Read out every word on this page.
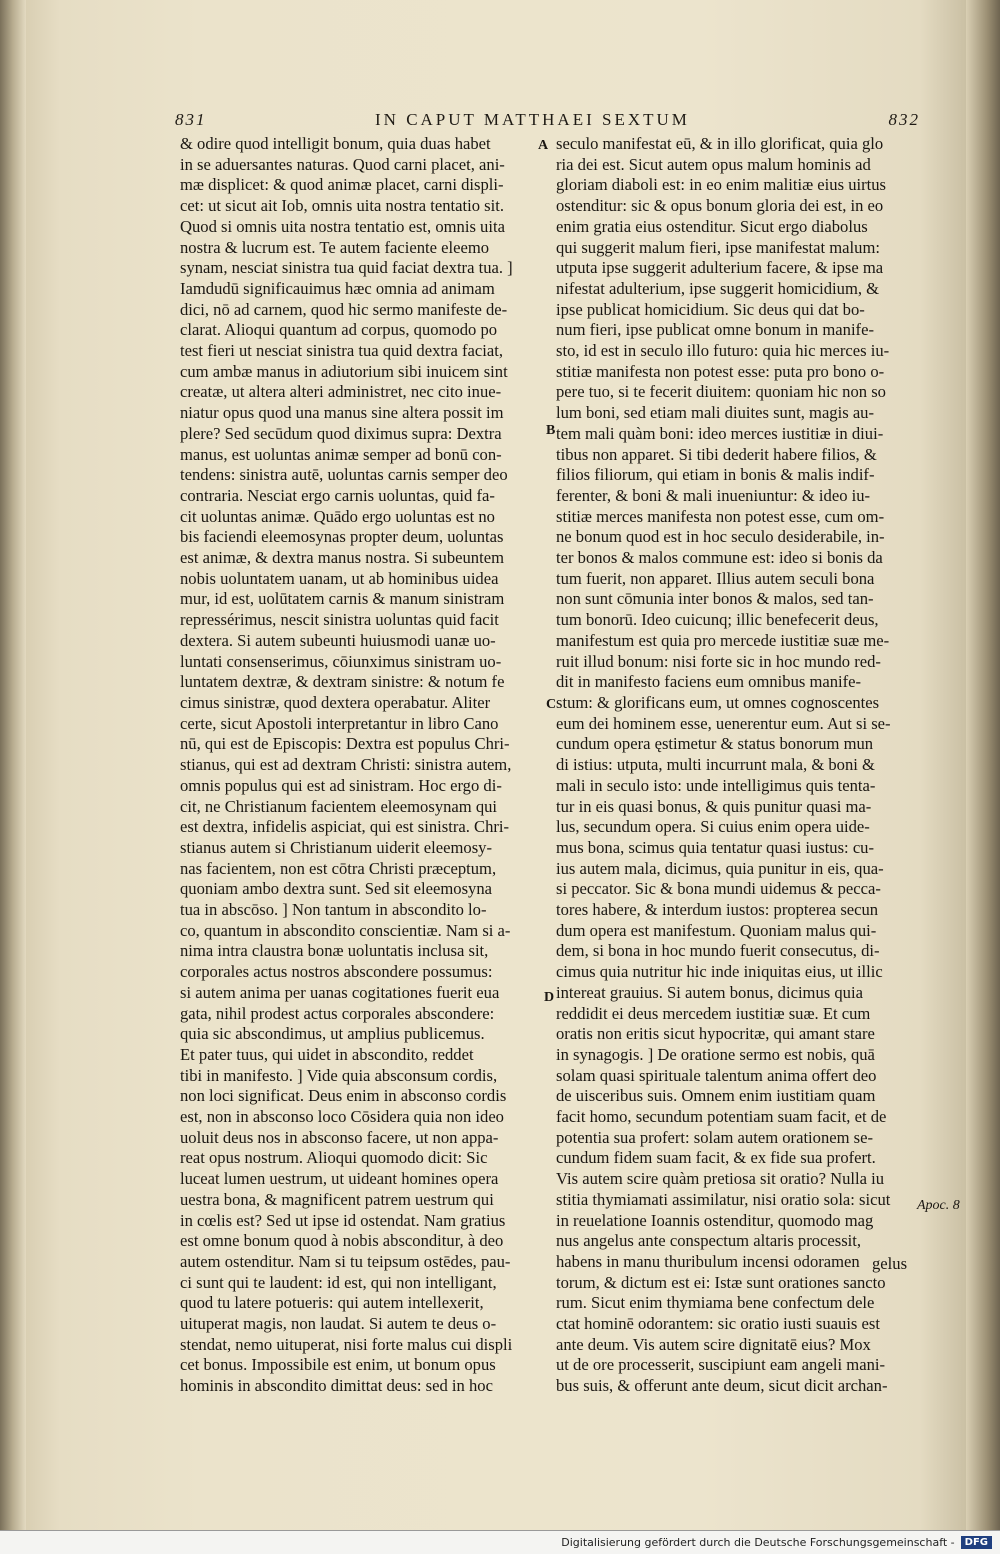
831	IN CAPUT MATTHAEI SEXTUM	832
& odire quod intelligit bonum, quia duas habet
in se aduersantes naturas. Quod carni placet, ani-
mæ displicet: & quod animæ placet, carni displi-
cet: ut sicut ait Iob, omnis uita nostra tentatio sit.
Quod si omnis uita nostra tentatio est, omnis uita
nostra & lucrum est. Te autem faciente eleemo
synam, nesciat sinistra tua quid faciat dextra tua. ]
Iamdudū significauimus hæc omnia ad animam
dici, nō ad carnem, quod hic sermo manifeste de-
clarat. Alioqui quantum ad corpus, quomodo po
test fieri ut nesciat sinistra tua quid dextra faciat,
cum ambæ manus in adiutorium sibi inuicem sint
creatæ, ut altera alteri administret, nec cito inue-
niatur opus quod una manus sine altera possit im
plere? Sed secūdum quod diximus supra: Dextra
manus, est uoluntas animæ semper ad bonū con-
tendens: sinistra autē, uoluntas carnis semper deo
contraria. Nesciat ergo carnis uoluntas, quid fa-
cit uoluntas animæ. Quādo ergo uoluntas est no
bis faciendi eleemosynas propter deum, uoluntas
est animæ, & dextra manus nostra. Si subeuntem
nobis uoluntatem uanam, ut ab hominibus uidea
mur, id est, uolūtatem carnis & manum sinistram
repressérimus, nescit sinistra uoluntas quid facit
dextera. Si autem subeunti huiusmodi uanæ uo-
luntati consenserimus, cōiunximus sinistram uo-
luntatem dextræ, & dextram sinistre: & notum fe
cimus sinistræ, quod dextera operabatur. Aliter
certe, sicut Apostoli interpretantur in libro Cano
nū, qui est de Episcopis: Dextra est populus Chri-
stianus, qui est ad dextram Christi: sinistra autem,
omnis populus qui est ad sinistram. Hoc ergo di-
cit, ne Christianum facientem eleemosynam qui
est dextra, infidelis aspiciat, qui est sinistra. Chri-
stianus autem si Christianum uiderit eleemosy-
nas facientem, non est cōtra Christi præceptum,
quoniam ambo dextra sunt. Sed sit eleemosyna
tua in abscōso. ] Non tantum in abscondito lo-
co, quantum in abscondito conscientiæ. Nam si a-
nima intra claustra bonæ uoluntatis inclusa sit,
corporales actus nostros abscondere possumus:
si autem anima per uanas cogitationes fuerit eua
gata, nihil prodest actus corporales abscondere:
quia sic abscondimus, ut amplius publicemus.
Et pater tuus, qui uidet in abscondito, reddet
tibi in manifesto. ] Vide quia absconsum cordis,
non loci significat. Deus enim in absconso cordis
est, non in absconso loco Cōsidera quia non ideo
uoluit deus nos in absconso facere, ut non appa-
reat opus nostrum. Alioqui quomodo dicit: Sic
luceat lumen uestrum, ut uideant homines opera
uestra bona, & magnificent patrem uestrum qui
in cœlis est? Sed ut ipse id ostendat. Nam gratius
est omne bonum quod à nobis absconditur, à deo
autem ostenditur. Nam si tu teipsum ostēdes, pau-
ci sunt qui te laudent: id est, qui non intelligant,
quod tu latere potueris: qui autem intellexerit,
uituperat magis, non laudat. Si autem te deus o-
stendat, nemo uituperat, nisi forte malus cui displi
cet bonus. Impossibile est enim, ut bonum opus
hominis in abscondito dimittat deus: sed in hoc
seculo manifestat eū, & in illo glorificat, quia glo
ria dei est. Sicut autem opus malum hominis ad
gloriam diaboli est: in eo enim malitiæ eius uirtus
ostenditur: sic & opus bonum gloria dei est, in eo
enim gratia eius ostenditur. Sicut ergo diabolus
qui suggerit malum fieri, ipse manifestat malum:
utputa ipse suggerit adulterium facere, & ipse ma
nifestat adulterium, ipse suggerit homicidium, &
ipse publicat homicidium. Sic deus qui dat bo-
num fieri, ipse publicat omne bonum in manife-
sto, id est in seculo illo futuro: quia hic merces iu-
stitiæ manifesta non potest esse: puta pro bono o-
pere tuo, si te fecerit diuitem: quoniam hic non so
lum boni, sed etiam mali diuites sunt, magis au-
tem mali quàm boni: ideo merces iustitiæ in diui-
tibus non apparet. Si tibi dederit habere filios, &
filios filiorum, qui etiam in bonis & malis indif-
ferenter, & boni & mali inueniuntur: & ideo iu-
stitiæ merces manifesta non potest esse, cum om-
ne bonum quod est in hoc seculo desiderabile, in-
ter bonos & malos commune est: ideo si bonis da
tum fuerit, non apparet. Illius autem seculi bona
non sunt cōmunia inter bonos & malos, sed tan-
tum bonorū. Ideo cuicunq; illic benefecerit deus,
manifestum est quia pro mercede iustitiæ suæ me-
ruit illud bonum: nisi forte sic in hoc mundo red-
dit in manifesto faciens eum omnibus manife-
stum: & glorificans eum, ut omnes cognoscentes
eum dei hominem esse, uenerentur eum. Aut si se-
cundum opera ęstimetur & status bonorum mun
di istius: utputa, multi incurrunt mala, & boni &
mali in seculo isto: unde intelligimus quis tenta-
tur in eis quasi bonus, & quis punitur quasi ma-
lus, secundum opera. Si cuius enim opera uide-
mus bona, scimus quia tentatur quasi iustus: cu-
ius autem mala, dicimus, quia punitur in eis, qua-
si peccator. Sic & bona mundi uidemus & pecca-
tores habere, & interdum iustos: propterea secun
dum opera est manifestum. Quoniam malus qui-
dem, si bona in hoc mundo fuerit consecutus, di-
cimus quia nutritur hic inde iniquitas eius, ut illic
intereat grauius. Si autem bonus, dicimus quia
reddidit ei deus mercedem iustitiæ suæ. Et cum
oratis non eritis sicut hypocritæ, qui amant stare
in synagogis. ] De oratione sermo est nobis, quā
solam quasi spirituale talentum anima offert deo
de uisceribus suis. Omnem enim iustitiam quam
facit homo, secundum potentiam suam facit, et de
potentia sua profert: solam autem orationem se-
cundum fidem suam facit, & ex fide sua profert.
Vis autem scire quàm pretiosa sit oratio? Nulla iu
stitia thymiamati assimilatur, nisi oratio sola: sicut
in reuelatione Ioannis ostenditur, quomodo mag
nus angelus ante conspectum altaris processit,
habens in manu thuribulum incensi odoramen
torum, & dictum est ei: Istæ sunt orationes sancto
rum. Sicut enim thymiama bene confectum dele
ctat hominē odorantem: sic oratio iusti suauis est
ante deum. Vis autem scire dignitatē eius? Mox
ut de ore processerit, suscipiunt eam angeli mani-
bus suis, & offerunt ante deum, sicut dicit archan-
A
B
C
D
Apoc. 8
gelus
Digitalisierung gefördert durch die Deutsche Forschungsgemeinschaft -	DFG
